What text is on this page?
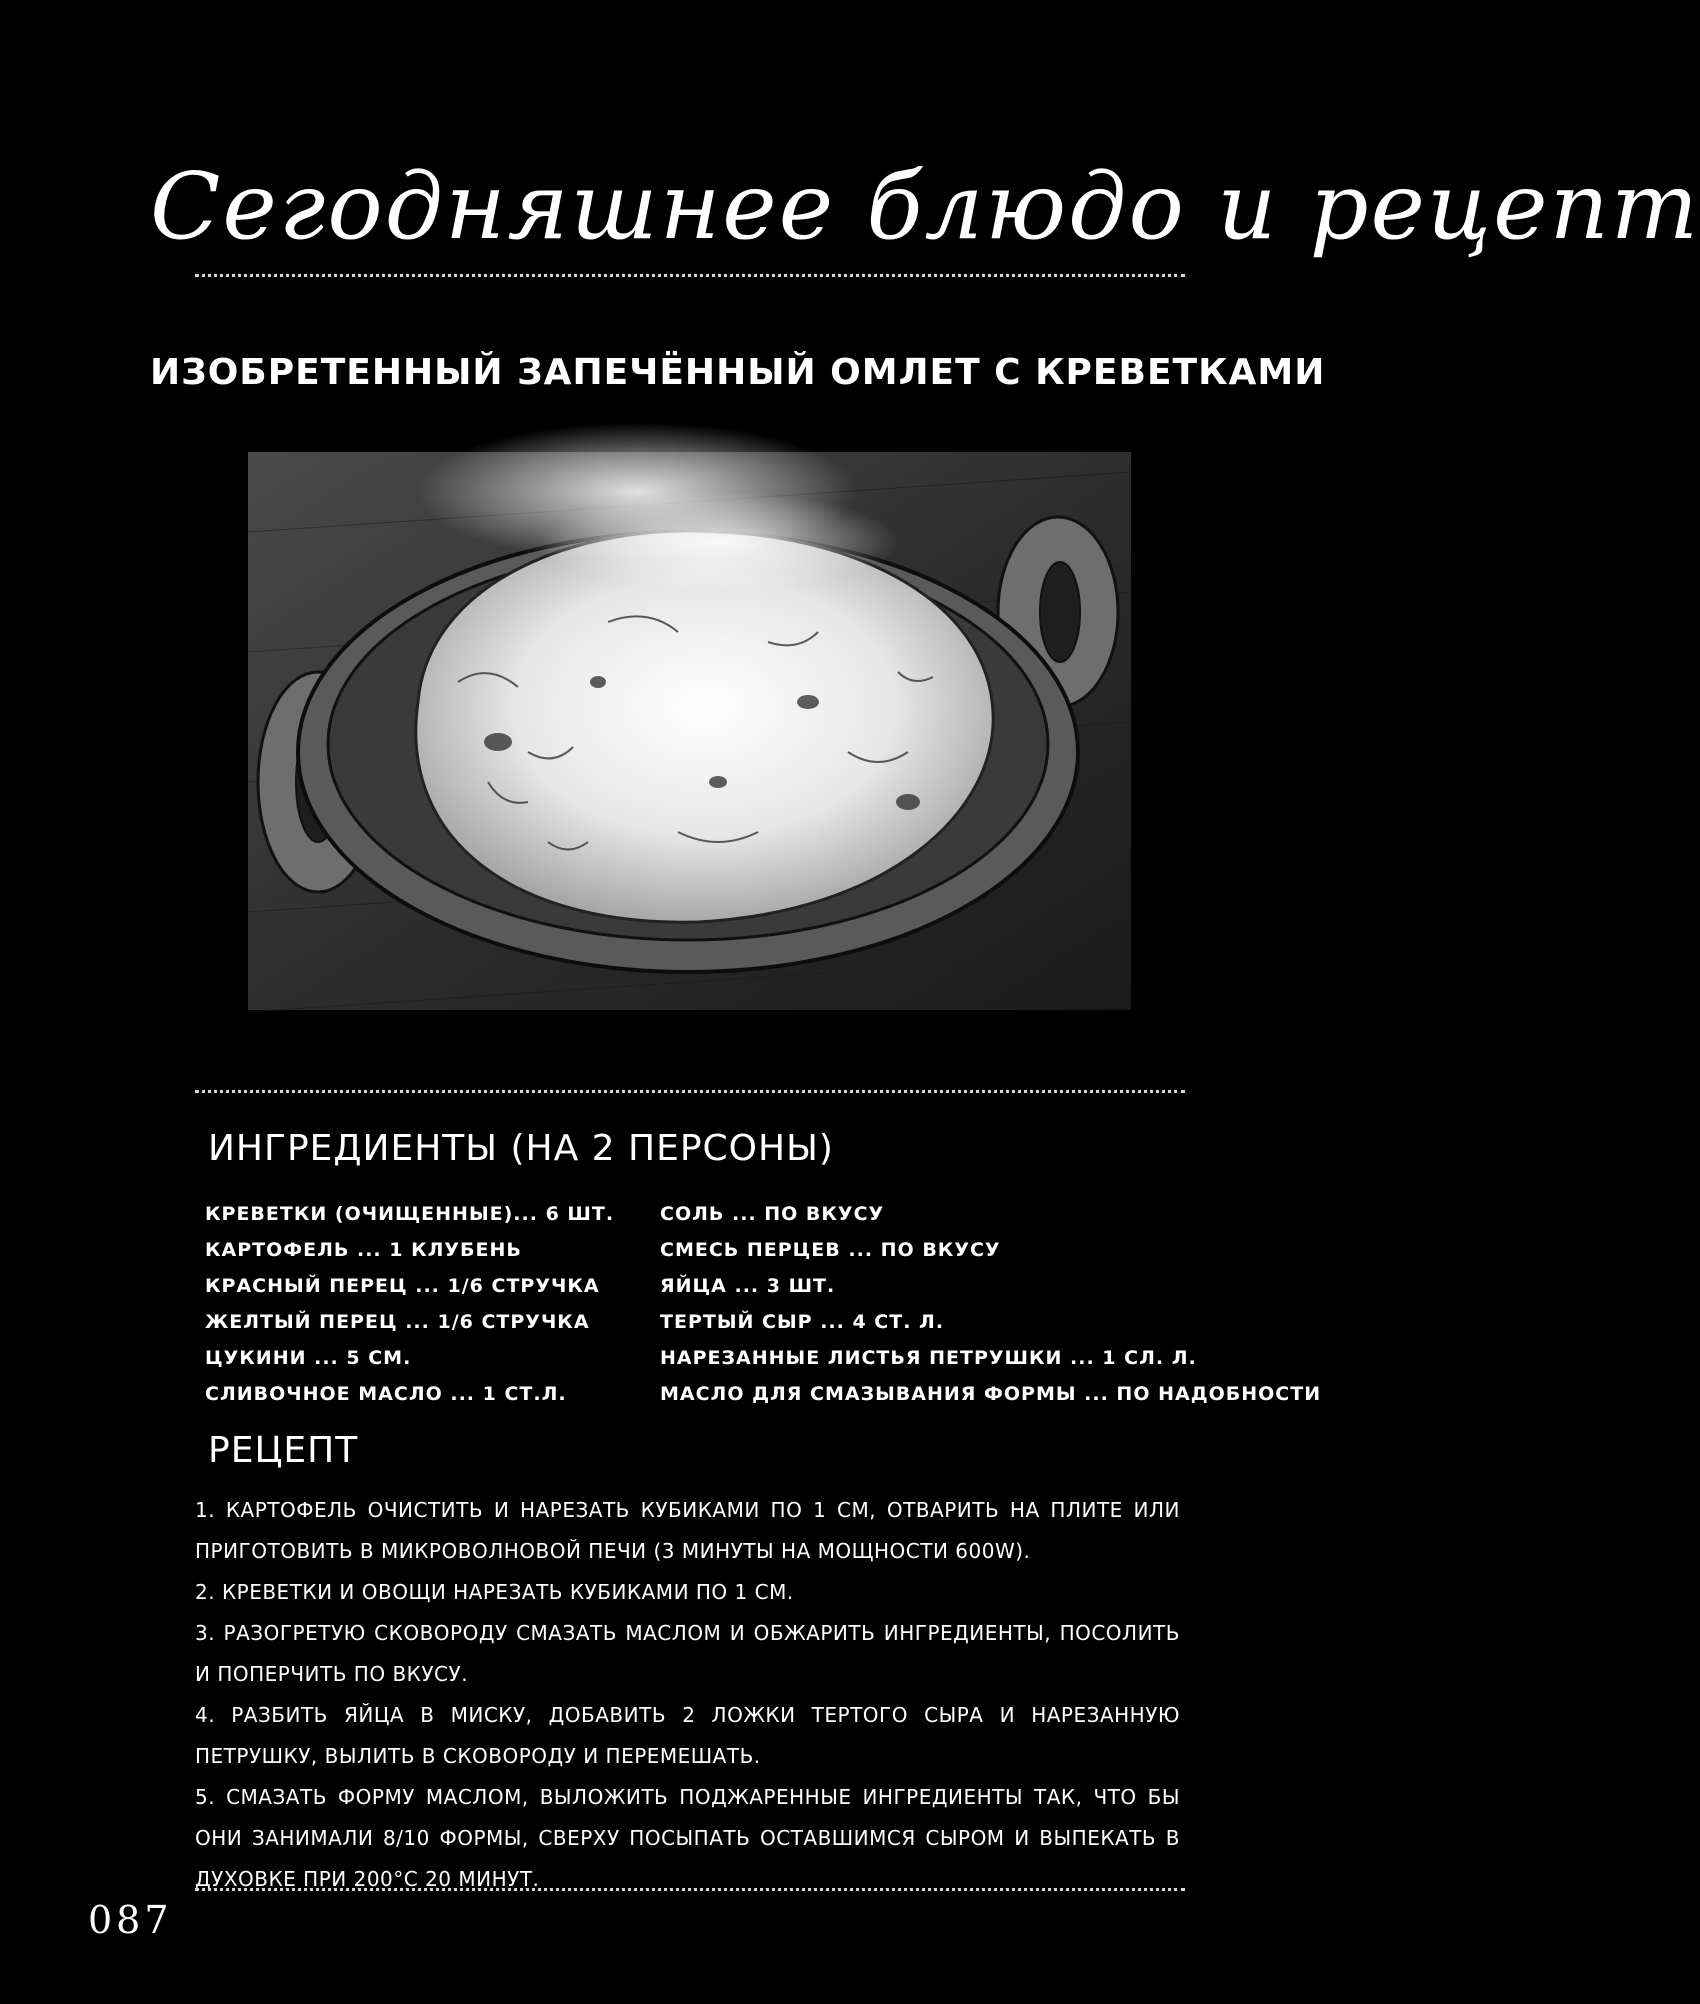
Сегодняшнее блюдо и рецепт
ИЗОБРЕТЕННЫЙ ЗАПЕЧЁННЫЙ ОМЛЕТ С КРЕВЕТКАМИ
ИНГРЕДИЕНТЫ (НА 2 ПЕРСОНЫ)
КРЕВЕТКИ (ОЧИЩЕННЫЕ)... 6 ШТ.
КАРТОФЕЛЬ ... 1 КЛУБЕНЬ
КРАСНЫЙ ПЕРЕЦ ... 1/6 СТРУЧКА
ЖЕЛТЫЙ ПЕРЕЦ ... 1/6 СТРУЧКА
ЦУКИНИ ... 5 СМ.
СЛИВОЧНОЕ МАСЛО ... 1 СТ.Л.
СОЛЬ ... ПО ВКУСУ
СМЕСЬ ПЕРЦЕВ ... ПО ВКУСУ
ЯЙЦА ... 3 ШТ.
ТЕРТЫЙ СЫР ... 4 СТ. Л.
НАРЕЗАННЫЕ ЛИСТЬЯ ПЕТРУШКИ ... 1 СЛ. Л.
МАСЛО ДЛЯ СМАЗЫВАНИЯ ФОРМЫ ... ПО НАДОБНОСТИ
РЕЦЕПТ
1. КАРТОФЕЛЬ ОЧИСТИТЬ И НАРЕЗАТЬ КУБИКАМИ ПО 1 СМ, ОТВАРИТЬ НА ПЛИТЕ ИЛИ ПРИГОТОВИТЬ В МИКРОВОЛНОВОЙ ПЕЧИ (3 МИНУТЫ НА МОЩНОСТИ 600W).
2. КРЕВЕТКИ И ОВОЩИ НАРЕЗАТЬ КУБИКАМИ ПО 1 СМ.
3. РАЗОГРЕТУЮ СКОВОРОДУ СМАЗАТЬ МАСЛОМ И ОБЖАРИТЬ ИНГРЕДИЕНТЫ, ПОСОЛИТЬ И ПОПЕРЧИТЬ ПО ВКУСУ.
4. РАЗБИТЬ ЯЙЦА В МИСКУ, ДОБАВИТЬ 2 ЛОЖКИ ТЕРТОГО СЫРА И НАРЕЗАННУЮ ПЕТРУШКУ, ВЫЛИТЬ В СКОВОРОДУ И ПЕРЕМЕШАТЬ.
5. СМАЗАТЬ ФОРМУ МАСЛОМ, ВЫЛОЖИТЬ ПОДЖАРЕННЫЕ ИНГРЕДИЕНТЫ ТАК, ЧТО БЫ ОНИ ЗАНИМАЛИ 8/10 ФОРМЫ, СВЕРХУ ПОСЫПАТЬ ОСТАВШИМСЯ СЫРОМ И ВЫПЕКАТЬ В ДУХОВКЕ ПРИ 200°С 20 МИНУТ.
087
